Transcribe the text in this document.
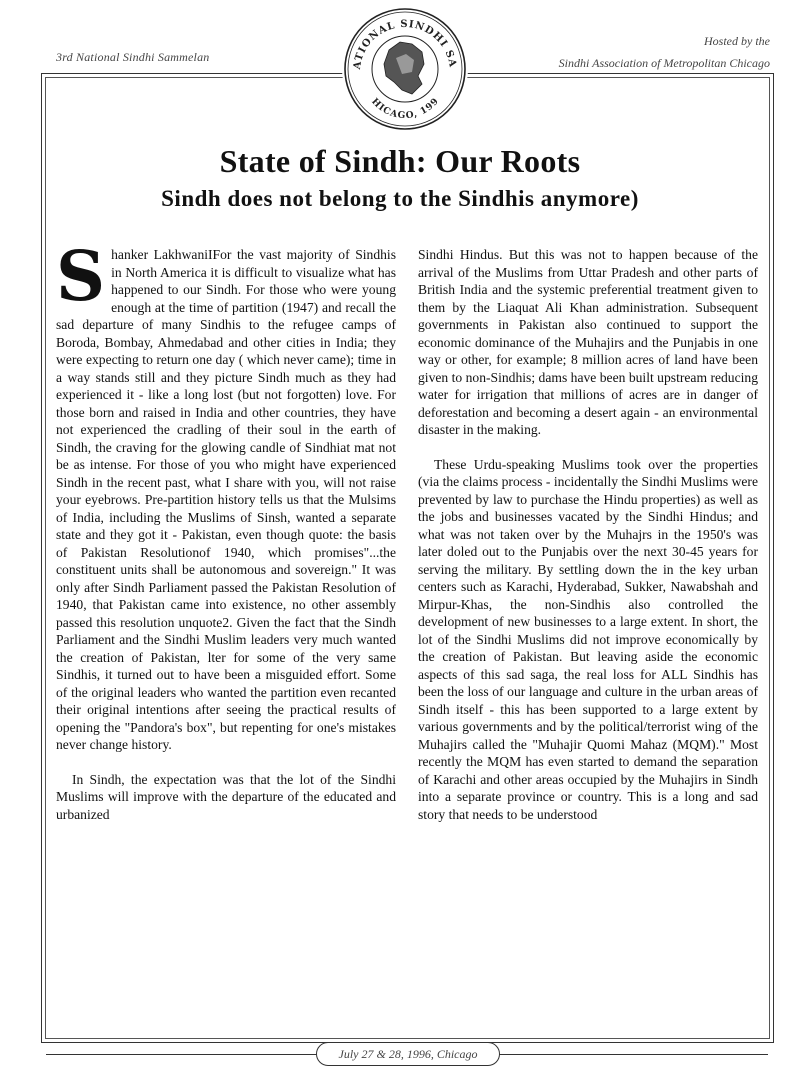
3rd National Sindhi Sammelan
Hosted by the
Sindhi Association of Metropolitan Chicago
ATIONAL SINDHI SA
HICAGO, 199
State of Sindh: Our Roots
Sindh does not belong to the Sindhis anymore)

Shanker LakhwaniIFor the vast majority of Sindhis in North America it is difficult to visualize what has happened to our Sindh. For those who were young enough at the time of partition (1947) and recall the sad departure of many Sindhis to the refugee camps of Boroda, Bombay, Ahmedabad and other cities in India; they were expecting to return one day ( which never came); time in a way stands still and they picture Sindh much as they had experienced it - like a long lost (but not forgotten) love. For those born and raised in India and other countries, they have not experienced the cradling of their soul in the earth of Sindh, the craving for the glowing candle of Sindhiat mat not be as intense. For those of you who might have experienced Sindh in the recent past, what I share with you, will not raise your eyebrows. Pre-partition history tells us that the Mulsims of India, including the Muslims of Sinsh, wanted a separate state and they got it - Pakistan, even though quote: the basis of Pakistan Resolutionof 1940, which promises"...the constituent units shall be autonomous and sovereign." It was only after Sindh Parliament passed the Pakistan Resolution of 1940, that Pakistan came into existence, no other assembly passed this resolution unquote2. Given the fact that the Sindh Parliament and the Sindhi Muslim leaders very much wanted the creation of Pakistan, lter for some of the very same Sindhis, it turned out to have been a misguided effort. Some of the original leaders who wanted the partition even recanted their original intentions after seeing the practical results of opening the "Pandora's box", but repenting for one's mistakes never change history.

In Sindh, the expectation was that the lot of the Sindhi Muslims will improve with the departure of the educated and urbanized

Sindhi Hindus. But this was not to happen because of the arrival of the Muslims from Uttar Pradesh and other parts of British India and the systemic preferential treatment given to them by the Liaquat Ali Khan administration. Subsequent governments in Pakistan also continued to support the economic dominance of the Muhajirs and the Punjabis in one way or other, for example; 8 million acres of land have been given to non-Sindhis; dams have been built upstream reducing water for irrigation that millions of acres are in danger of deforestation and becoming a desert again - an environmental disaster in the making.

These Urdu-speaking Muslims took over the properties (via the claims process - incidentally the Sindhi Muslims were prevented by law to purchase the Hindu properties) as well as the jobs and businesses vacated by the Sindhi Hindus; and what was not taken over by the Muhajrs in the 1950's was later doled out to the Punjabis over the next 30-45 years for serving the military. By settling down the in the key urban centers such as Karachi, Hyderabad, Sukker, Nawabshah and Mirpur-Khas, the non-Sindhis also controlled the development of new businesses to a large extent. In short, the lot of the Sindhi Muslims did not improve economically by the creation of Pakistan. But leaving aside the economic aspects of this sad saga, the real loss for ALL Sindhis has been the loss of our language and culture in the urban areas of Sindh itself - this has been supported to a large extent by various governments and by the political/terrorist wing of the Muhajirs called the "Muhajir Quomi Mahaz (MQM)." Most recently the MQM has even started to demand the separation of Karachi and other areas occupied by the Muhajirs in Sindh into a separate province or country. This is a long and sad story that needs to be understood

July 27 & 28, 1996, Chicago
